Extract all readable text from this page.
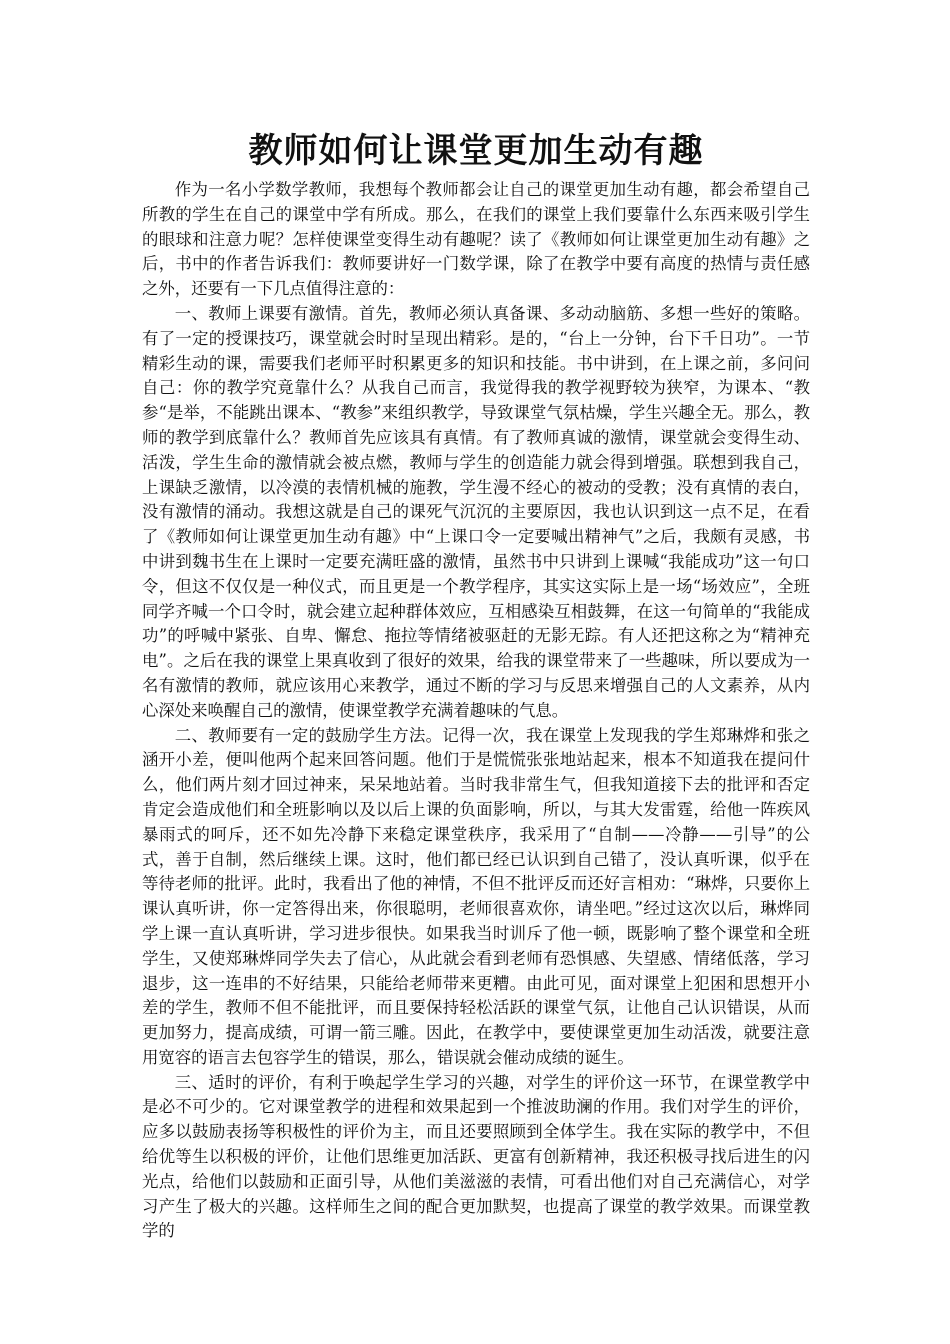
教师如何让课堂更加生动有趣

作为一名小学数学教师，我想每个教师都会让自己的课堂更加生动有趣，都会希望自己所教的学生在自己的课堂中学有所成。那么，在我们的课堂上我们要靠什么东西来吸引学生的眼球和注意力呢？怎样使课堂变得生动有趣呢？读了《教师如何让课堂更加生动有趣》之后，书中的作者告诉我们：教师要讲好一门数学课，除了在教学中要有高度的热情与责任感之外，还要有一下几点值得注意的：

一、教师上课要有激情。首先，教师必须认真备课、多动动脑筋、多想一些好的策略。有了一定的授课技巧，课堂就会时时呈现出精彩。是的，“台上一分钟，台下千日功”。一节精彩生动的课，需要我们老师平时积累更多的知识和技能。书中讲到，在上课之前，多问问自己：你的教学究竟靠什么？从我自己而言，我觉得我的教学视野较为狭窄，为课本、“教参“是举，不能跳出课本、“教参”来组织教学，导致课堂气氛枯燥，学生兴趣全无。那么，教师的教学到底靠什么？教师首先应该具有真情。有了教师真诚的激情，课堂就会变得生动、活泼，学生生命的激情就会被点燃，教师与学生的创造能力就会得到增强。联想到我自己，上课缺乏激情，以冷漠的表情机械的施教，学生漫不经心的被动的受教；没有真情的表白，没有激情的涌动。我想这就是自己的课死气沉沉的主要原因，我也认识到这一点不足，在看了《教师如何让课堂更加生动有趣》中“上课口令一定要喊出精神气”之后，我颇有灵感，书中讲到魏书生在上课时一定要充满旺盛的激情，虽然书中只讲到上课喊“我能成功”这一句口令，但这不仅仅是一种仪式，而且更是一个教学程序，其实这实际上是一场“场效应”，全班同学齐喊一个口令时，就会建立起种群体效应，互相感染互相鼓舞，在这一句简单的“我能成功”的呼喊中紧张、自卑、懈怠、拖拉等情绪被驱赶的无影无踪。有人还把这称之为“精神充电”。之后在我的课堂上果真收到了很好的效果，给我的课堂带来了一些趣味，所以要成为一名有激情的教师，就应该用心来教学，通过不断的学习与反思来增强自己的人文素养，从内心深处来唤醒自己的激情，使课堂教学充满着趣味的气息。

二、教师要有一定的鼓励学生方法。记得一次，我在课堂上发现我的学生郑琳烨和张之涵开小差，便叫他两个起来回答问题。他们于是慌慌张张地站起来，根本不知道我在提问什么，他们两片刻才回过神来，呆呆地站着。当时我非常生气，但我知道接下去的批评和否定肯定会造成他们和全班影响以及以后上课的负面影响，所以，与其大发雷霆，给他一阵疾风暴雨式的呵斥，还不如先冷静下来稳定课堂秩序，我采用了“自制——冷静——引导”的公式，善于自制，然后继续上课。这时，他们都已经已认识到自己错了，没认真听课，似乎在等待老师的批评。此时，我看出了他的神情，不但不批评反而还好言相劝：“琳烨，只要你上课认真听讲，你一定答得出来，你很聪明，老师很喜欢你，请坐吧。”经过这次以后，琳烨同学上课一直认真听讲，学习进步很快。如果我当时训斥了他一顿，既影响了整个课堂和全班学生，又使郑琳烨同学失去了信心，从此就会看到老师有恐惧感、失望感、情绪低落，学习退步，这一连串的不好结果，只能给老师带来更糟。由此可见，面对课堂上犯困和思想开小差的学生，教师不但不能批评，而且要保持轻松活跃的课堂气氛，让他自己认识错误，从而更加努力，提高成绩，可谓一箭三雕。因此，在教学中，要使课堂更加生动活泼，就要注意用宽容的语言去包容学生的错误，那么，错误就会催动成绩的诞生。

三、适时的评价，有利于唤起学生学习的兴趣，对学生的评价这一环节，在课堂教学中是必不可少的。它对课堂教学的进程和效果起到一个推波助澜的作用。我们对学生的评价，应多以鼓励表扬等积极性的评价为主，而且还要照顾到全体学生。我在实际的教学中，不但给优等生以积极的评价，让他们思维更加活跃、更富有创新精神，我还积极寻找后进生的闪光点，给他们以鼓励和正面引导，从他们美滋滋的表情，可看出他们对自己充满信心，对学习产生了极大的兴趣。这样师生之间的配合更加默契，也提高了课堂的教学效果。而课堂教学的
